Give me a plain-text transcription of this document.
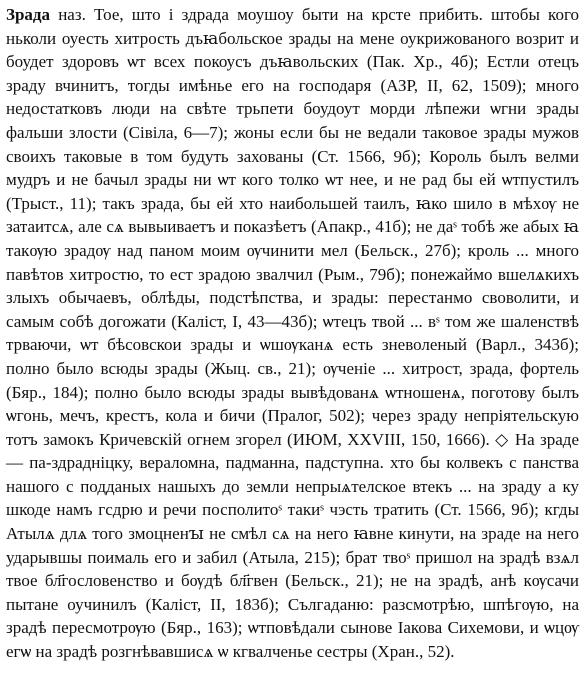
Зрада наз. Тое, што і здрада моушоу быти на крсте прибить. штобы кого ньколи оуесть хитрость дъꙗбольское зрады на мене оукрижованого возрит и боудет здоровъ ѡт всех покоусъ дъꙗвольских (Пак. Хр., 4б); Естли отецъ зраду вчинитъ, тогды имѣнье его на господаря (АЗР, II, 62, 1509); много недостатковъ люди на свѣте трьпети боудоут морди лѣпежи ѡгни зрады фальши злости (Сівіла, 6—7); жоны если бы не ведали таковое зрады мужов своихъ таковые в том будуть захованы (Ст. 1566, 9б); Король былъ велми мудръ и не бачыл зрады ни ѡт кого толко ѡт нее, и не рад бы ей ѡтпустилъ (Трыст., 11); такъ зрада, бы ей хто наибольшей таилъ, ꙗко шило в мѣхѹ не затаитсѧ, але сѧ вывыиваетъ и показѣетъ (Апакр., 41б); не даˢ тобѣ же абых ꙗ такѹю зрадѹ над паном моим ѹчинити мел (Бельск., 27б); кроль ... много павѣтов хитростю, то ест зрадою звалчил (Рым., 79б); понежаймо вшелѧкихъ злыхъ обычаевъ, облѣды, подстѣпства, и зрады: перестанмо своволити, и самым собѣ догожати (Каліст, I, 43—43б); ѡтецъ твой ... вˢ том же шаленствѣ трваючи, ѡт бѣсовскои зрады и ѡшѹканѧ есть зневоленый (Варл., 343б); полно было всюды зрады (Жыц. св., 21); ѹченіе ... хитрост, зрада, фортель (Бяр., 184); полно было всюды зрады вывѣдованѧ ѡтношенѧ, поготову былъ ѡгонь, мечъ, крестъ, кола и бичи (Пралог, 502); через зраду непріятельскую тотъ замокъ Кричевскій огнем згорел (ИЮМ, XXVIII, 150, 1666). ◇ На зраде — па-здрадніцку, вераломна, падманна, падступна. хто бы колвекъ с панства нашого с подданых нашыхъ до земли непрыѧтелское втекъ ... на зраду а ку шкоде намъ гсдрю и речи посполитоˢ такиˢ чэсть тратить (Ст. 1566, 9б); кгды Атылѧ длѧ того змоцненꙑ не смѣл сѧ на него ꙗвне кинути, на зраде на него ударывшы поималь его и забил (Атыла, 215); брат твоˢ пришол на зрадѣ взѧл твое бл҃гословенство и бѹдѣ бл҃гвен (Бельск., 21); не на зрадѣ, анѣ кѹсачи пытане оучинилъ (Каліст, II, 183б); Сългаданю: разсмотрѣю, шпѣгѹю, на зрадѣ пересмотрѹю (Бяр., 163); ѡтповѣдали сынове Іакова Сихемови, и ѡцѹ егѡ на зрадѣ розгнѣвавшисѧ ѡ кгвалченье сестры (Хран., 52).
